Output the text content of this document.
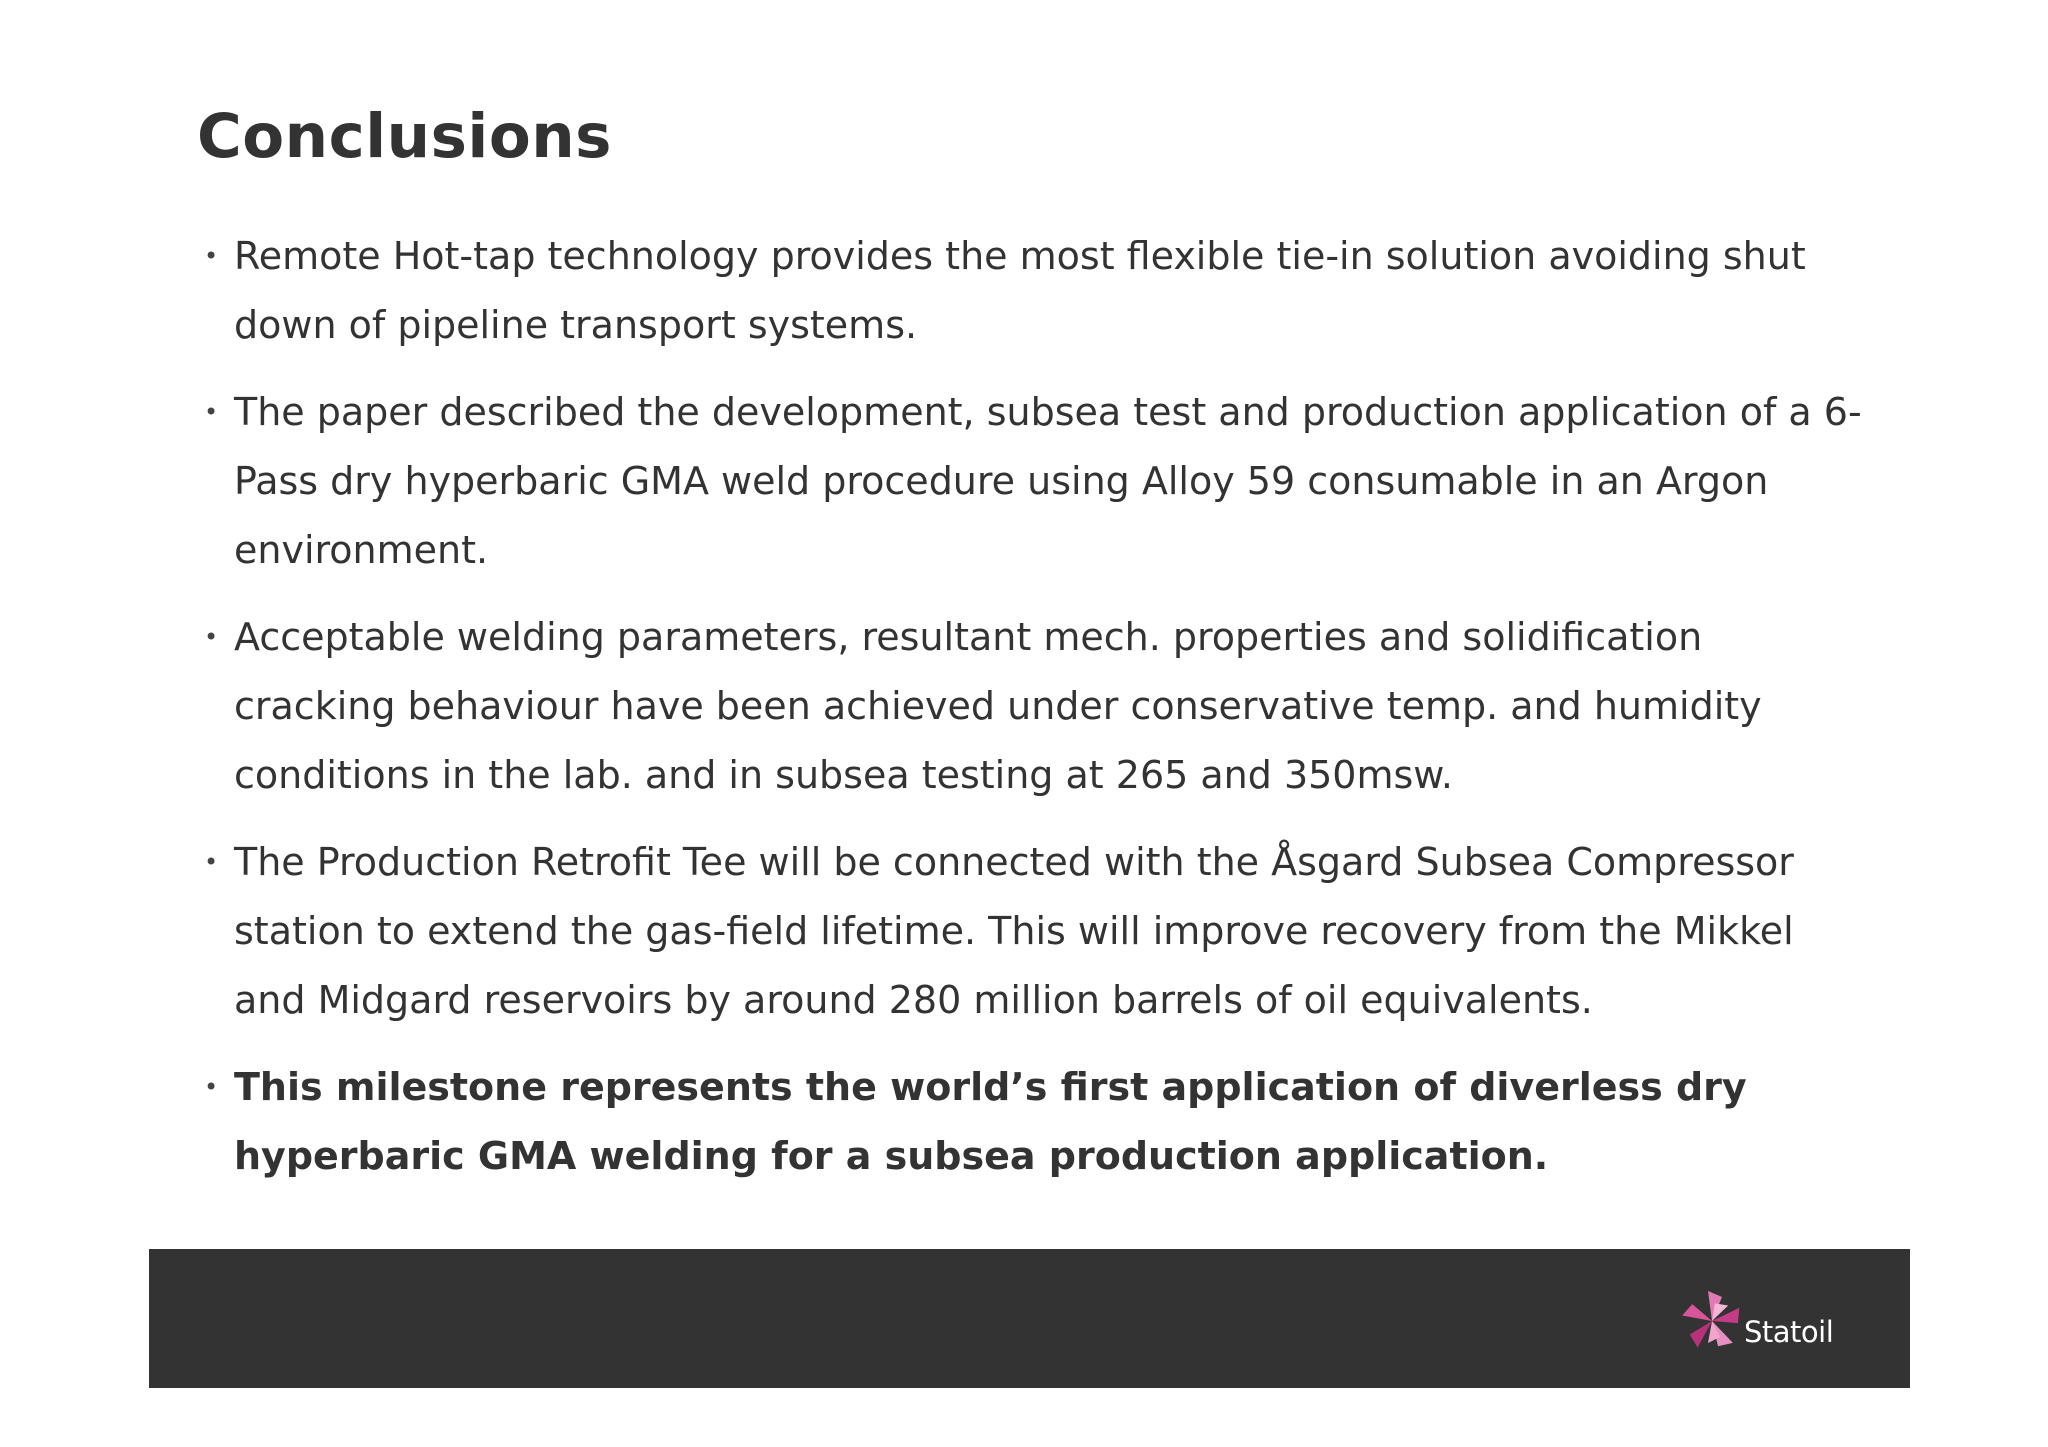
Conclusions
• Remote Hot-tap technology provides the most flexible tie-in solution avoiding shut
down of pipeline transport systems.
• The paper described the development, subsea test and production application of a 6-
Pass dry hyperbaric GMA weld procedure using Alloy 59 consumable in an Argon
environment.
• Acceptable welding parameters, resultant mech. properties and solidification
cracking behaviour have been achieved under conservative temp. and humidity
conditions in the lab. and in subsea testing at 265 and 350msw.
• The Production Retrofit Tee will be connected with the Åsgard Subsea Compressor
station to extend the gas-field lifetime. This will improve recovery from the Mikkel
and Midgard reservoirs by around 280 million barrels of oil equivalents.
• This milestone represents the world’s first application of diverless dry
hyperbaric GMA welding for a subsea production application.
Statoil
